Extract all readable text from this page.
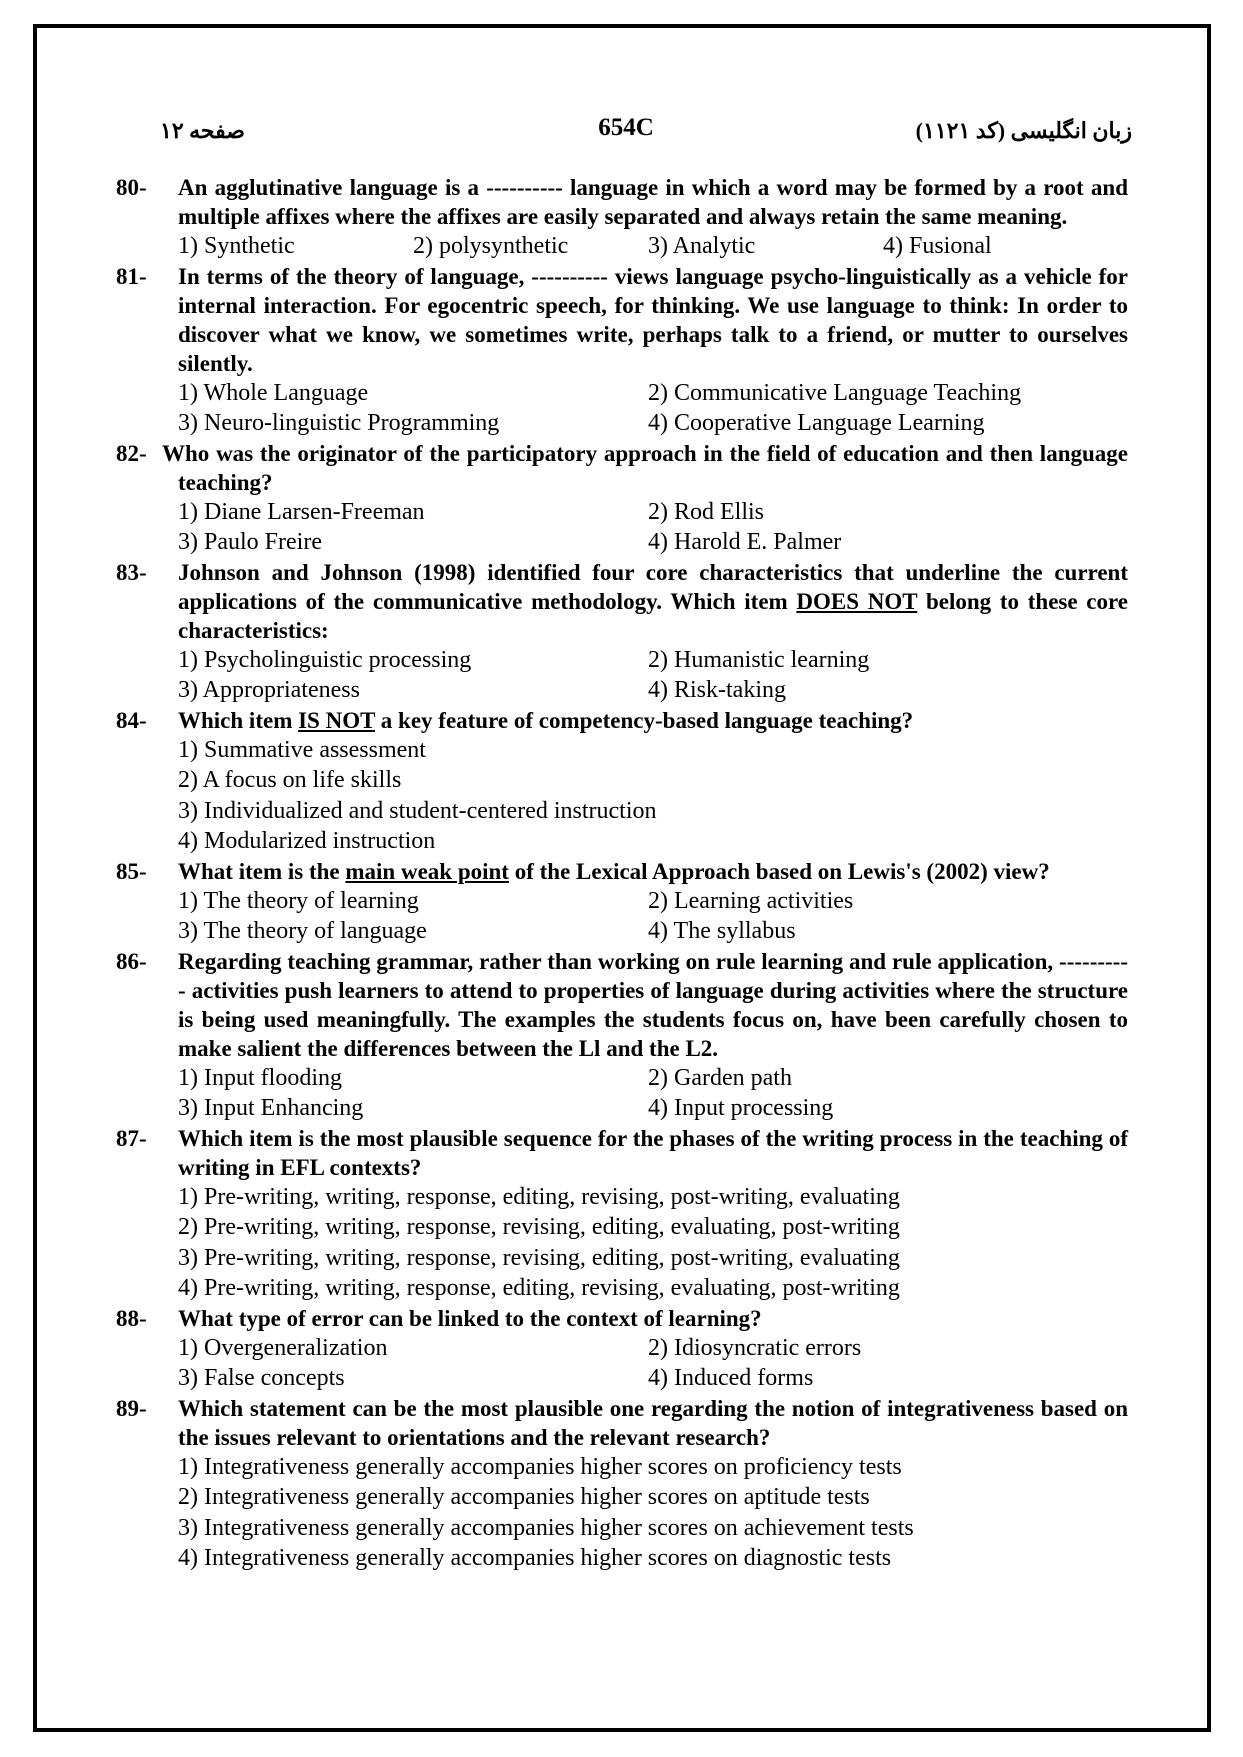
صفحه ۱۲	654C	زبان انگلیسی (کد ۱۱۲۱)
80- An agglutinative language is a ---------- language in which a word may be formed by a root and multiple affixes where the affixes are easily separated and always retain the same meaning.
1) Synthetic	2) polysynthetic	3) Analytic	4) Fusional
81- In terms of the theory of language, ---------- views language psycho-linguistically as a vehicle for internal interaction. For egocentric speech, for thinking. We use language to think: In order to discover what we know, we sometimes write, perhaps talk to a friend, or mutter to ourselves silently.
1) Whole Language	2) Communicative Language Teaching
3) Neuro-linguistic Programming	4) Cooperative Language Learning
82- Who was the originator of the participatory approach in the field of education and then language teaching?
1) Diane Larsen-Freeman	2) Rod Ellis
3) Paulo Freire	4) Harold E. Palmer
83- Johnson and Johnson (1998) identified four core characteristics that underline the current applications of the communicative methodology. Which item DOES NOT belong to these core characteristics:
1) Psycholinguistic processing	2) Humanistic learning
3) Appropriateness	4) Risk-taking
84- Which item IS NOT a key feature of competency-based language teaching?
1) Summative assessment
2) A focus on life skills
3) Individualized and student-centered instruction
4) Modularized instruction
85- What item is the main weak point of the Lexical Approach based on Lewis's (2002) view?
1) The theory of learning	2) Learning activities
3) The theory of language	4) The syllabus
86- Regarding teaching grammar, rather than working on rule learning and rule application, ---------- activities push learners to attend to properties of language during activities where the structure is being used meaningfully. The examples the students focus on, have been carefully chosen to make salient the differences between the Ll and the L2.
1) Input flooding	2) Garden path
3) Input Enhancing	4) Input processing
87- Which item is the most plausible sequence for the phases of the writing process in the teaching of writing in EFL contexts?
1) Pre-writing, writing, response, editing, revising, post-writing, evaluating
2) Pre-writing, writing, response, revising, editing, evaluating, post-writing
3) Pre-writing, writing, response, revising, editing, post-writing, evaluating
4) Pre-writing, writing, response, editing, revising, evaluating, post-writing
88- What type of error can be linked to the context of learning?
1) Overgeneralization	2) Idiosyncratic errors
3) False concepts	4) Induced forms
89- Which statement can be the most plausible one regarding the notion of integrativeness based on the issues relevant to orientations and the relevant research?
1) Integrativeness generally accompanies higher scores on proficiency tests
2) Integrativeness generally accompanies higher scores on aptitude tests
3) Integrativeness generally accompanies higher scores on achievement tests
4) Integrativeness generally accompanies higher scores on diagnostic tests
